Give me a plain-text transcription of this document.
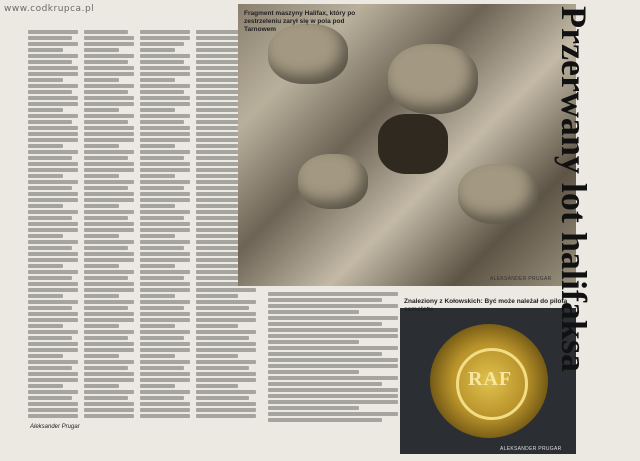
www.codkrupca.pl	Fragment maszyny Halifax, który po zestrzeleniu zarył się w pola pod Tarnowem
ALEKSANDER PRUGAR
RAF
Znaleziony z Kołowskich: Być może należał do pilota samolotu
ALEKSANDER PRUGAR
Przerwany lot halifaksa
Aleksander Prugar
